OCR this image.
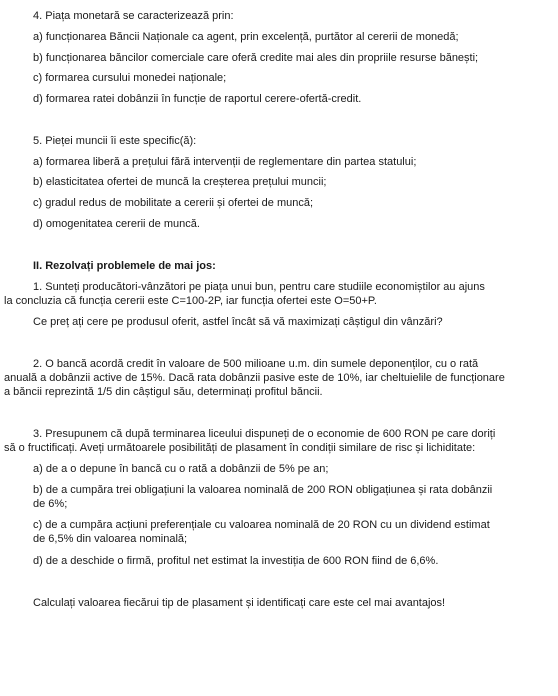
4. Piața monetară se caracterizează prin:
a) funcționarea Băncii Naționale ca agent, prin excelență, purtător al cererii de monedă;
b) funcționarea băncilor comerciale care oferă credite mai ales din propriile resurse bănești;
c) formarea cursului monedei naționale;
d) formarea ratei dobânzii în funcție de raportul cerere-ofertă-credit.
5. Pieței muncii îi este specific(ă):
a) formarea liberă a prețului fără intervenții de reglementare din partea statului;
b) elasticitatea ofertei de muncă la creșterea prețului muncii;
c) gradul redus de mobilitate a cererii și ofertei de muncă;
d) omogenitatea cererii de muncă.
II. Rezolvați problemele de mai jos:
1. Sunteți producători-vânzători pe piața unui bun, pentru care studiile economiștilor au ajuns
la concluzia că funcția cererii este C=100-2P, iar funcția ofertei este O=50+P.
Ce preț ați cere pe produsul oferit, astfel încât să vă maximizați câștigul din vânzări?
2. O bancă acordă credit în valoare de 500 milioane u.m. din sumele deponenților, cu o rată
anuală a dobânzii active de 15%. Dacă rata dobânzii pasive este de 10%, iar cheltuielile de funcționare
a băncii reprezintă 1/5 din câștigul său, determinați profitul băncii.
3. Presupunem că după terminarea liceului dispuneți de o economie de 600 RON pe care doriți
să o fructificați. Aveți următoarele posibilități de plasament în condiții similare de risc și lichiditate:
a) de a o depune în bancă cu o rată a dobânzii de 5% pe an;
b) de a cumpăra trei obligațiuni la valoarea nominală de 200 RON obligațiunea și rata dobânzii
de 6%;
c) de a cumpăra acțiuni preferențiale cu valoarea nominală de 20 RON cu un dividend estimat
de 6,5% din valoarea nominală;
d) de a deschide o firmă, profitul net estimat la investiția de 600 RON fiind de 6,6%.
Calculați valoarea fiecărui tip de plasament și identificați care este cel mai avantajos!
